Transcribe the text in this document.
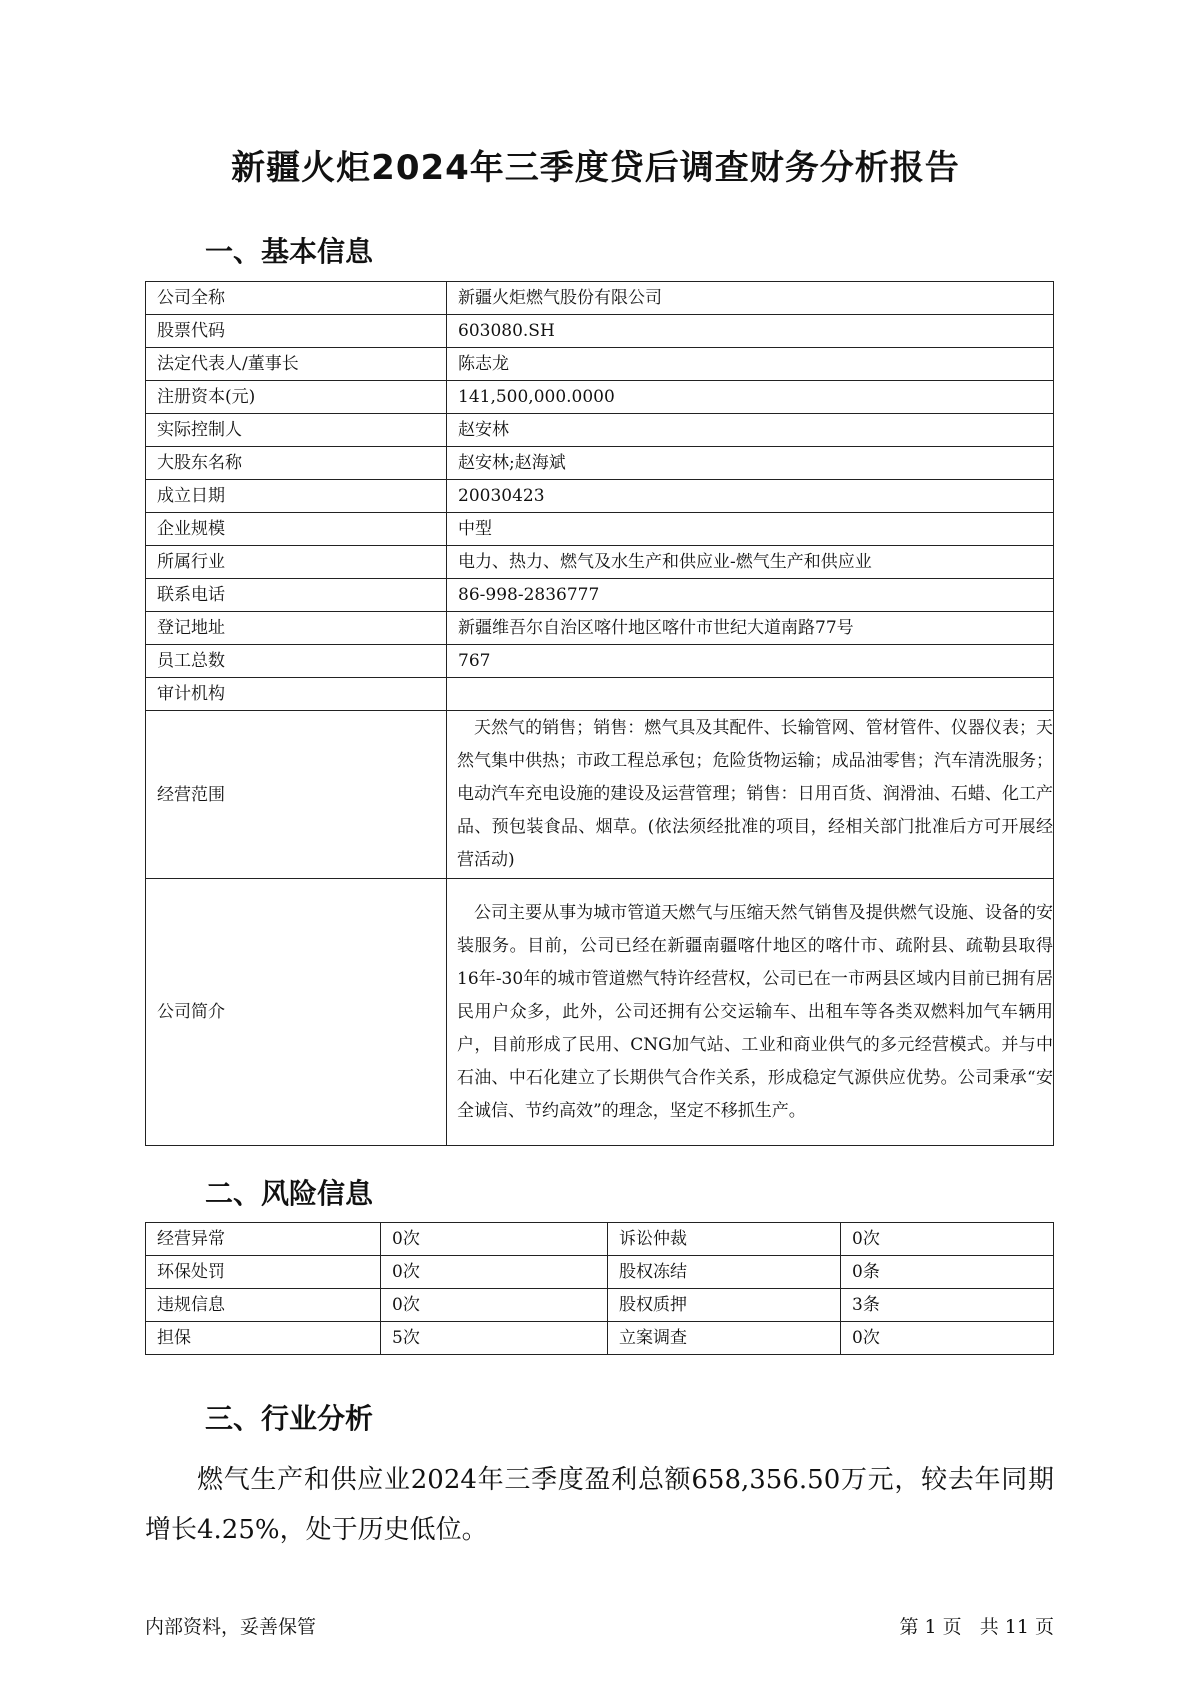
新疆火炬2024年三季度贷后调查财务分析报告
一、基本信息
公司全称	新疆火炬燃气股份有限公司
股票代码	603080.SH
法定代表人/董事长	陈志龙
注册资本(元)	141,500,000.0000
实际控制人	赵安林
大股东名称	赵安林;赵海斌
成立日期	20030423
企业规模	中型
所属行业	电力、热力、燃气及水生产和供应业-燃气生产和供应业
联系电话	86-998-2836777
登记地址	新疆维吾尔自治区喀什地区喀什市世纪大道南路77号
员工总数	767
审计机构	
经营范围	天然气的销售；销售：燃气具及其配件、长输管网、管材管件、仪器仪表；天然气集中供热；市政工程总承包；危险货物运输；成品油零售；汽车清洗服务；电动汽车充电设施的建设及运营管理；销售：日用百货、润滑油、石蜡、化工产品、预包装食品、烟草。(依法须经批准的项目，经相关部门批准后方可开展经营活动)
公司简介	公司主要从事为城市管道天燃气与压缩天然气销售及提供燃气设施、设备的安装服务。目前，公司已经在新疆南疆喀什地区的喀什市、疏附县、疏勒县取得16年-30年的城市管道燃气特许经营权，公司已在一市两县区域内目前已拥有居民用户众多，此外，公司还拥有公交运输车、出租车等各类双燃料加气车辆用户，目前形成了民用、CNG加气站、工业和商业供气的多元经营模式。并与中石油、中石化建立了长期供气合作关系，形成稳定气源供应优势。公司秉承“安全诚信、节约高效”的理念，坚定不移抓生产。
二、风险信息
经营异常	0次	诉讼仲裁	0次
环保处罚	0次	股权冻结	0条
违规信息	0次	股权质押	3条
担保	5次	立案调查	0次
三、行业分析

燃气生产和供应业2024年三季度盈利总额658,356.50万元，较去年同期增长4.25%，处于历史低位。

内部资料，妥善保管	第 1 页   共 11 页
